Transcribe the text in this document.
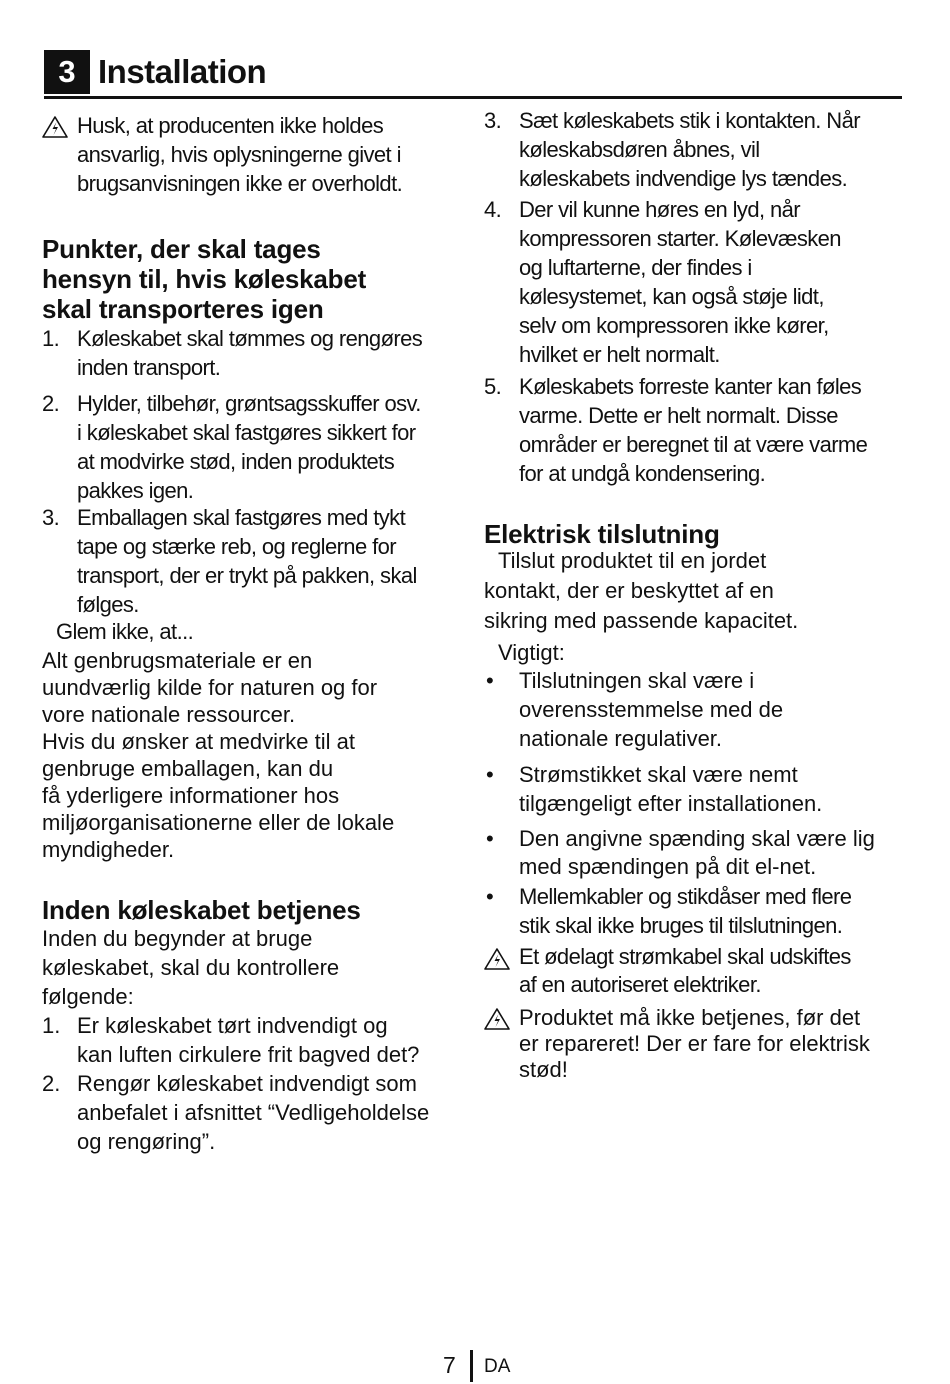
3 Installation
Husk, at producenten ikke holdes
ansvarlig, hvis oplysningerne givet i
brugsanvisningen ikke er overholdt.
Punkter, der skal tages
hensyn til, hvis køleskabet
skal transporteres igen
1. Køleskabet skal tømmes og rengøres
inden transport.
2. Hylder, tilbehør, grøntsagsskuffer osv.
i køleskabet skal fastgøres sikkert for
at modvirke stød, inden produktets
pakkes igen.
3. Emballagen skal fastgøres med tykt
tape og stærke reb, og reglerne for
transport, der er trykt på pakken, skal
følges.
Glem ikke, at...
Alt genbrugsmateriale er en
uundværlig kilde for naturen og for
vore nationale ressourcer.
Hvis du ønsker at medvirke til at
genbruge emballagen, kan du
få yderligere informationer hos
miljøorganisationerne eller de lokale
myndigheder.
Inden køleskabet betjenes
Inden du begynder at bruge
køleskabet, skal du kontrollere
følgende:
1. Er køleskabet tørt indvendigt og
kan luften cirkulere frit bagved det?
2. Rengør køleskabet indvendigt som
anbefalet i afsnittet “Vedligeholdelse
og rengøring”.
3. Sæt køleskabets stik i kontakten. Når
køleskabsdøren åbnes, vil
køleskabets indvendige lys tændes.
4. Der vil kunne høres en lyd, når
kompressoren starter. Kølevæsken
og luftarterne, der findes i
kølesystemet, kan også støje lidt,
selv om kompressoren ikke kører,
hvilket er helt normalt.
5. Køleskabets forreste kanter kan føles
varme. Dette er helt normalt. Disse
områder er beregnet til at være varme
for at undgå kondensering.
Elektrisk tilslutning
Tilslut produktet til en jordet
kontakt, der er beskyttet af en
sikring med passende kapacitet.
Vigtigt:
• Tilslutningen skal være i
overensstemmelse med de
nationale regulativer.
• Strømstikket skal være nemt
tilgængeligt efter installationen.
• Den angivne spænding skal være lig
med spændingen på dit el-net.
• Mellemkabler og stikdåser med flere
stik skal ikke bruges til tilslutningen.
Et ødelagt strømkabel skal udskiftes
af en autoriseret elektriker.
Produktet må ikke betjenes, før det
er repareret! Der er fare for elektrisk
stød!
7 DA
